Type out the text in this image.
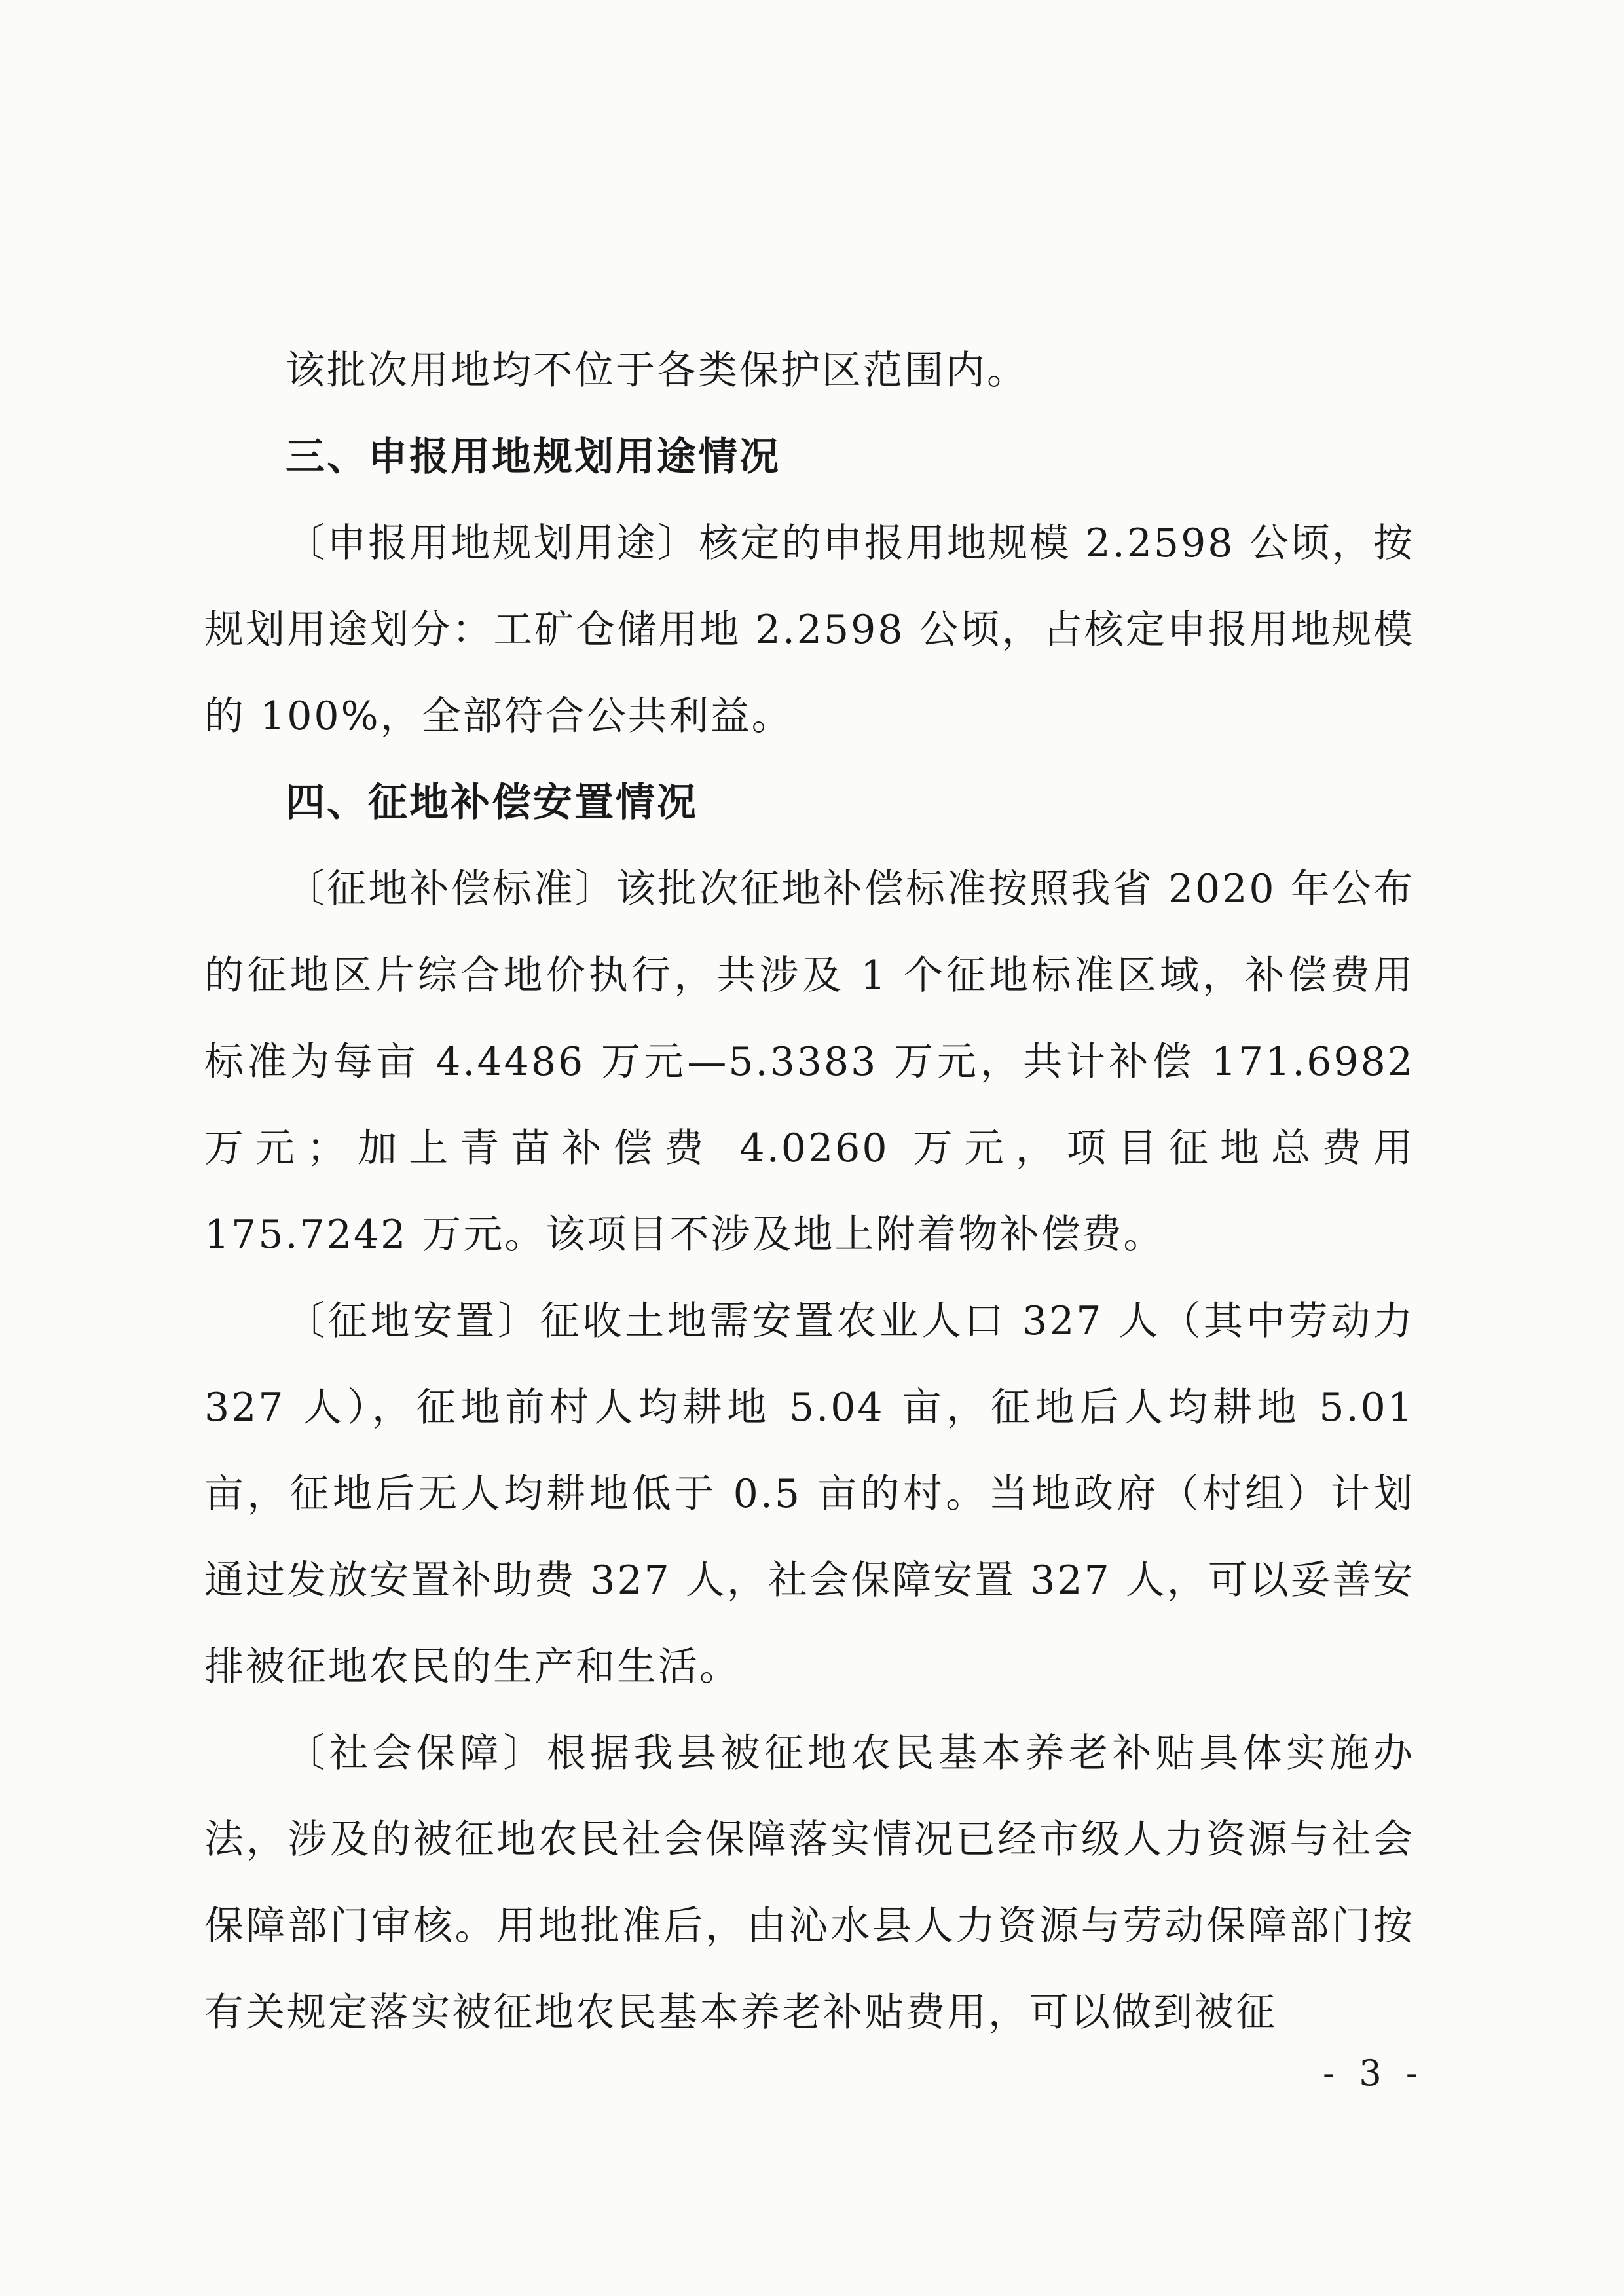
该批次用地均不位于各类保护区范围内。

三、申报用地规划用途情况

〔申报用地规划用途〕核定的申报用地规模 2.2598 公顷，按规划用途划分：工矿仓储用地 2.2598 公顷，占核定申报用地规模的 100%，全部符合公共利益。

四、征地补偿安置情况

〔征地补偿标准〕该批次征地补偿标准按照我省 2020 年公布的征地区片综合地价执行，共涉及 1 个征地标准区域，补偿费用标准为每亩 4.4486 万元—5.3383 万元，共计补偿 171.6982 万元；加上青苗补偿费 4.0260 万元，项目征地总费用 175.7242 万元。该项目不涉及地上附着物补偿费。

〔征地安置〕征收土地需安置农业人口 327 人（其中劳动力 327 人），征地前村人均耕地 5.04 亩，征地后人均耕地 5.01 亩，征地后无人均耕地低于 0.5 亩的村。当地政府（村组）计划通过发放安置补助费 327 人，社会保障安置 327 人，可以妥善安排被征地农民的生产和生活。

〔社会保障〕根据我县被征地农民基本养老补贴具体实施办法，涉及的被征地农民社会保障落实情况已经市级人力资源与社会保障部门审核。用地批准后，由沁水县人力资源与劳动保障部门按有关规定落实被征地农民基本养老补贴费用，可以做到被征

- 3 -
